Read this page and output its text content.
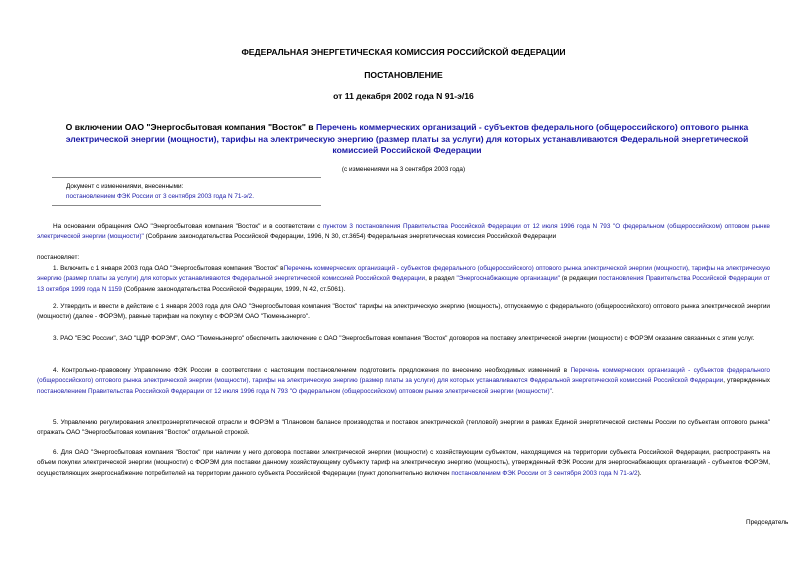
ФЕДЕРАЛЬНАЯ ЭНЕРГЕТИЧЕСКАЯ КОМИССИЯ РОССИЙСКОЙ ФЕДЕРАЦИИ
ПОСТАНОВЛЕНИЕ
от 11 декабря 2002 года N 91-э/16
О включении ОАО "Энергосбытовая компания "Восток" в Перечень коммерческих организаций - субъектов федерального (общероссийского) оптового рынка электрической энергии (мощности), тарифы на электрическую энергию (размер платы за услуги) для которых устанавливаются Федеральной энергетической комиссией Российской Федерации
(с изменениями на 3 сентября 2003 года)
Документ с изменениями, внесенными:
постановлением ФЭК России от 3 сентября 2003 года N 71-э/2.

На основании обращения ОАО "Энергосбытовая компания "Восток" и в соответствии с пунктом 3 постановления Правительства Российской Федерации от 12 июля 1996 года N 793 "О федеральном (общероссийском) оптовом рынке электрической энергии (мощности)" (Собрание законодательства Российской Федерации, 1996, N 30, ст.3654) Федеральная энергетическая комиссия Российской Федерации

постановляет:

1. Включить с 1 января 2003 года ОАО "Энергосбытовая компания "Восток" вПеречень коммерческих организаций - субъектов федерального (общероссийского) оптового рынка электрической энергии (мощности), тарифы на электрическую энергию (размер платы за услуги) для которых устанавливаются Федеральной энергетической комиссией Российской Федерации, в раздел "Энергоснабжающие организации" (в редакции постановления Правительства Российской Федерации от 13 октября 1999 года N 1159 (Собрание законодательства Российской Федерации, 1999, N 42, ст.5061).

2. Утвердить и ввести в действие с 1 января 2003 года для ОАО "Энергосбытовая компания "Восток" тарифы на электрическую энергию (мощность), отпускаемую с федерального (общероссийского) оптового рынка электрической энергии (мощности) (далее - ФОРЭМ), равные тарифам на покупку с ФОРЭМ ОАО "Тюменьэнерго".

3. РАО "ЕЭС России", ЗАО "ЦДР ФОРЭМ", ОАО "Тюменьэнерго" обеспечить заключение с ОАО "Энергосбытовая компания "Восток" договоров на поставку электрической энергии (мощности) с ФОРЭМ оказание связанных с этим услуг.

4. Контрольно-правовому Управлению ФЭК России в соответствии с настоящим постановлением подготовить предложения по внесению необходимых изменений в Перечень коммерческих организаций - субъектов федерального (общероссийского) оптового рынка электрической энергии (мощности), тарифы на электрическую энергию (размер платы за услуги) для которых устанавливаются Федеральной энергетической комиссией Российской Федерации, утвержденных постановлением Правительства Российской Федерации от 12 июля 1996 года N 793 "О федеральном (общероссийском) оптовом рынке электрической энергии (мощности)".

5. Управлению регулирования электроэнергетической отрасли и ФОРЭМ в "Плановом балансе производства и поставок электрической (тепловой) энергии в рамках Единой энергетической системы России по субъектам оптового рынка" отражать ОАО "Энергосбытовая компания "Восток" отдельной строкой.

6. Для ОАО "Энергосбытовая компания "Восток" при наличии у него договора поставки электрической энергии (мощности) с хозяйствующим субъектом, находящимся на территории субъекта Российской Федерации, распространять на объем покупки электрической энергии (мощности) с ФОРЭМ для поставки данному хозяйствующему субъекту тариф на электрическую энергию (мощность), утвержденный ФЭК России для энергоснабжающих организаций - субъектов ФОРЭМ, осуществляющих энергоснабжение потребителей на территории данного субъекта Российской Федерации (пункт дополнительно включен постановлением ФЭК России от 3 сентября 2003 года N 71-э/2).

Председатель
